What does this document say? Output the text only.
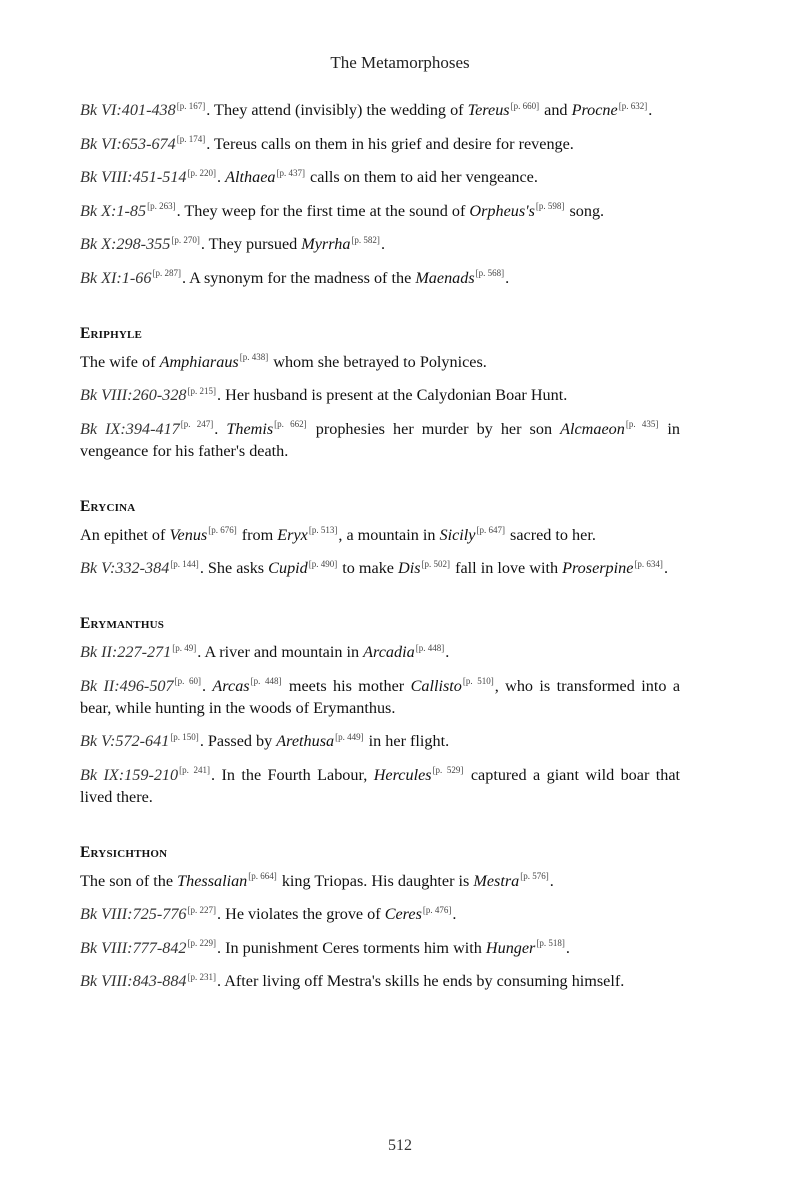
The Metamorphoses

Bk VI:401-438[p. 167]. They attend (invisibly) the wedding of Tereus[p. 660] and Procne[p. 632].

Bk VI:653-674[p. 174]. Tereus calls on them in his grief and desire for revenge.

Bk VIII:451-514[p. 220]. Althaea[p. 437] calls on them to aid her vengeance.

Bk X:1-85[p. 263]. They weep for the first time at the sound of Orpheus's[p. 598] song.

Bk X:298-355[p. 270]. They pursued Myrrha[p. 582].

Bk XI:1-66[p. 287]. A synonym for the madness of the Maenads[p. 568].

Eriphyle

The wife of Amphiaraus[p. 438] whom she betrayed to Polynices.

Bk VIII:260-328[p. 215]. Her husband is present at the Calydonian Boar Hunt.

Bk IX:394-417[p. 247]. Themis[p. 662] prophesies her murder by her son Alcmaeon[p. 435] in vengeance for his father's death.

Erycina

An epithet of Venus[p. 676] from Eryx[p. 513], a mountain in Sicily[p. 647] sacred to her.

Bk V:332-384[p. 144]. She asks Cupid[p. 490] to make Dis[p. 502] fall in love with Proserpine[p. 634].

Erymanthus

Bk II:227-271[p. 49]. A river and mountain in Arcadia[p. 448].

Bk II:496-507[p. 60]. Arcas[p. 448] meets his mother Callisto[p. 510], who is transformed into a bear, while hunting in the woods of Erymanthus.

Bk V:572-641[p. 150]. Passed by Arethusa[p. 449] in her flight.

Bk IX:159-210[p. 241]. In the Fourth Labour, Hercules[p. 529] captured a giant wild boar that lived there.

Erysichthon

The son of the Thessalian[p. 664] king Triopas. His daughter is Mestra[p. 576].

Bk VIII:725-776[p. 227]. He violates the grove of Ceres[p. 476].

Bk VIII:777-842[p. 229]. In punishment Ceres torments him with Hunger[p. 518].

Bk VIII:843-884[p. 231]. After living off Mestra's skills he ends by consuming himself.

512
